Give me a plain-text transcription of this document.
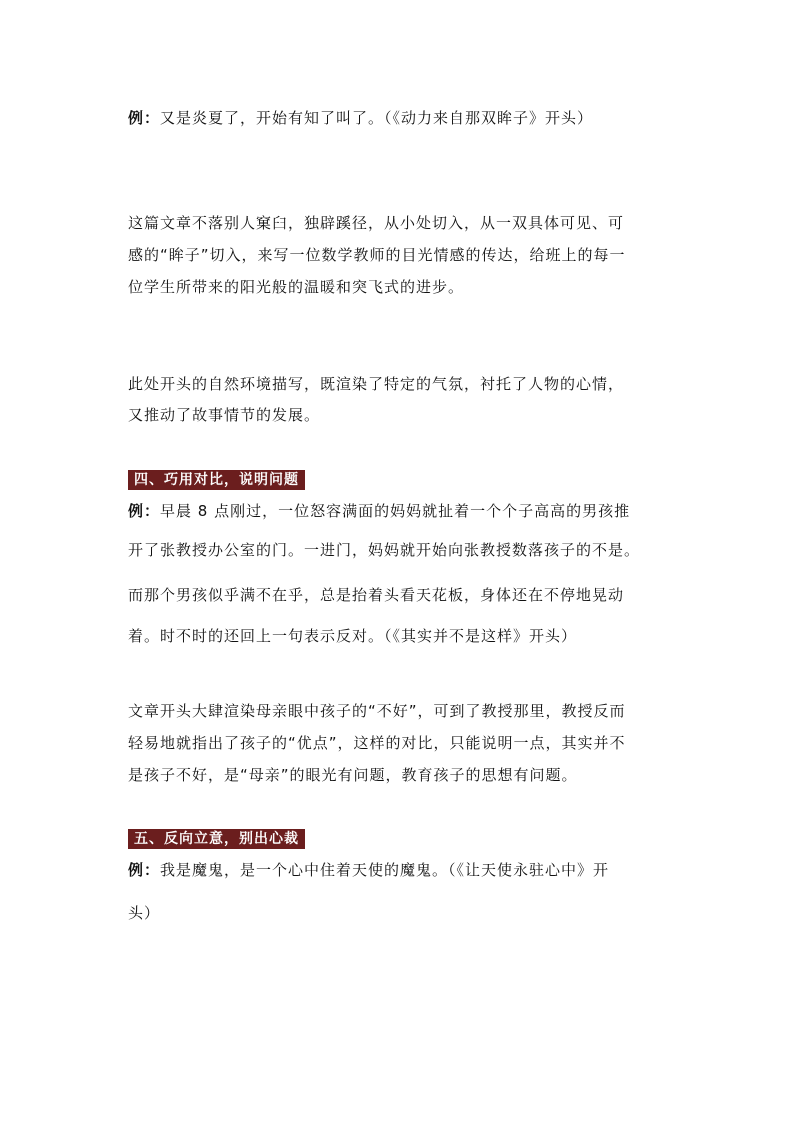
例：又是炎夏了，开始有知了叫了。（《动力来自那双眸子》开头）

这篇文章不落别人窠臼，独辟蹊径，从小处切入，从一双具体可见、可

感的“眸子”切入，来写一位数学教师的目光情感的传达，给班上的每一

位学生所带来的阳光般的温暖和突飞式的进步。

此处开头的自然环境描写，既渲染了特定的气氛，衬托了人物的心情，

又推动了故事情节的发展。

四、巧用对比，说明问题

例：早晨 8 点刚过，一位怒容满面的妈妈就扯着一个个子高高的男孩推

开了张教授办公室的门。一进门，妈妈就开始向张教授数落孩子的不是。

而那个男孩似乎满不在乎，总是抬着头看天花板，身体还在不停地晃动

着。时不时的还回上一句表示反对。（《其实并不是这样》开头）

文章开头大肆渲染母亲眼中孩子的“不好”，可到了教授那里，教授反而

轻易地就指出了孩子的“优点”，这样的对比，只能说明一点，其实并不

是孩子不好，是“母亲”的眼光有问题，教育孩子的思想有问题。

五、反向立意，别出心裁

例：我是魔鬼，是一个心中住着天使的魔鬼。（《让天使永驻心中》开

头）
